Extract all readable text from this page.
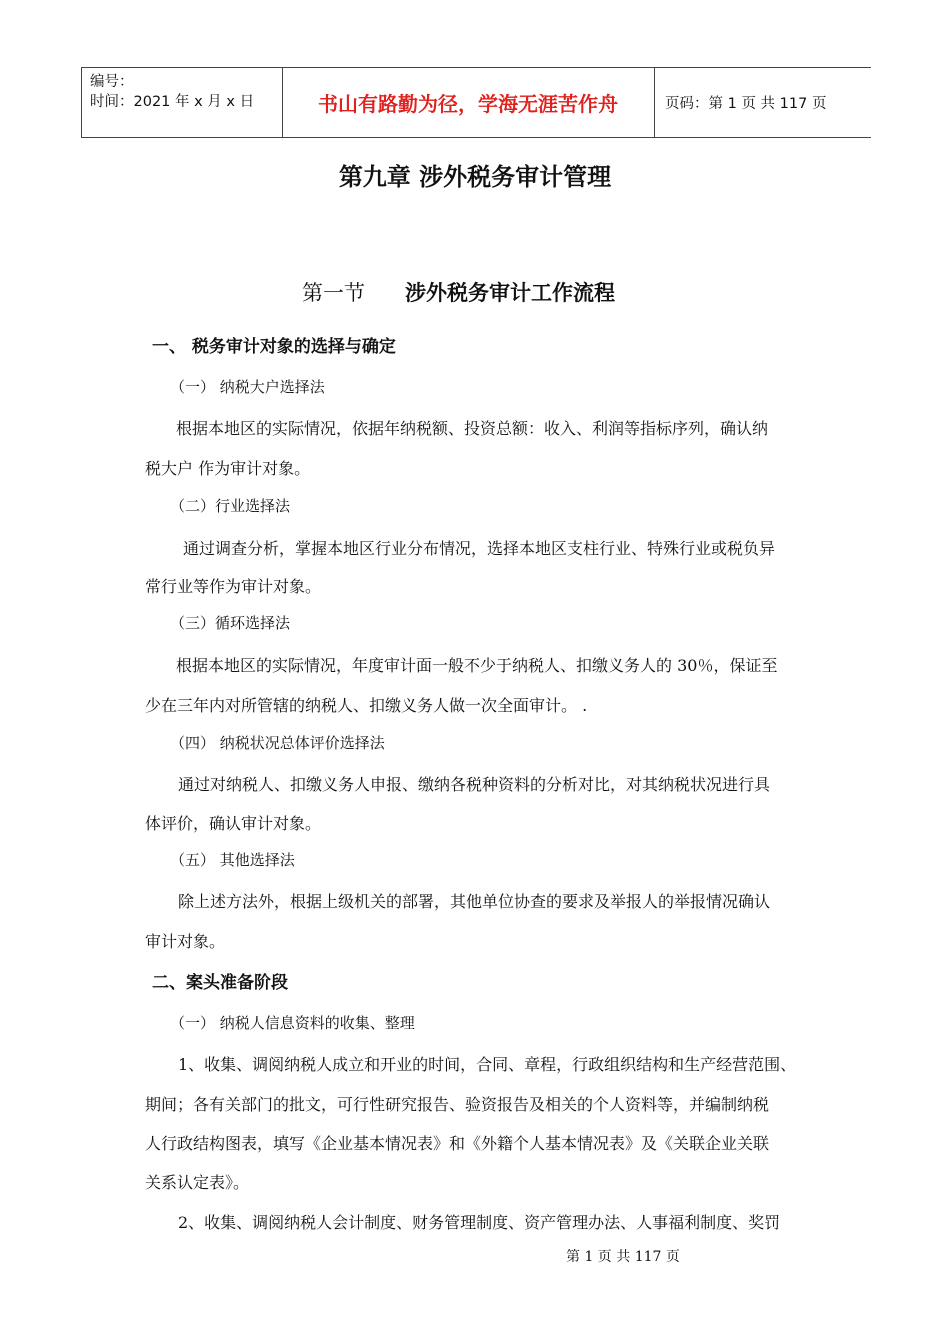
编号：
时间：2021 年 x 月 x 日	书山有路勤为径，学海无涯苦作舟	页码：第 1 页 共 117 页
第九章 涉外税务审计管理
第一节 涉外税务审计工作流程
一、 税务审计对象的选择与确定
（一） 纳税大户选择法
根据本地区的实际情况，依据年纳税额、投资总额：收入、利润等指标序列，确认纳
税大户 作为审计对象。
（二）行业选择法
通过调查分析，掌握本地区行业分布情况，选择本地区支柱行业、特殊行业或税负异
常行业等作为审计对象。
（三）循环选择法
根据本地区的实际情况，年度审计面一般不少于纳税人、扣缴义务人的 30％，保证至
少在三年内对所管辖的纳税人、扣缴义务人做一次全面审计。 .
（四） 纳税状况总体评价选择法
通过对纳税人、扣缴义务人申报、缴纳各税种资料的分析对比，对其纳税状况进行具
体评价，确认审计对象。
（五） 其他选择法
除上述方法外，根据上级机关的部署，其他单位协查的要求及举报人的举报情况确认
审计对象。
二、案头准备阶段
（一） 纳税人信息资料的收集、整理
1、收集、调阅纳税人成立和开业的时间，合同、章程，行政组织结构和生产经营范围、
期间；各有关部门的批文，可行性研究报告、验资报告及相关的个人资料等，并编制纳税
人行政结构图表，填写《企业基本情况表》和《外籍个人基本情况表》及《关联企业关联
关系认定表》。
2、收集、调阅纳税人会计制度、财务管理制度、资产管理办法、人事福利制度、奖罚
第 1 页 共 117 页
